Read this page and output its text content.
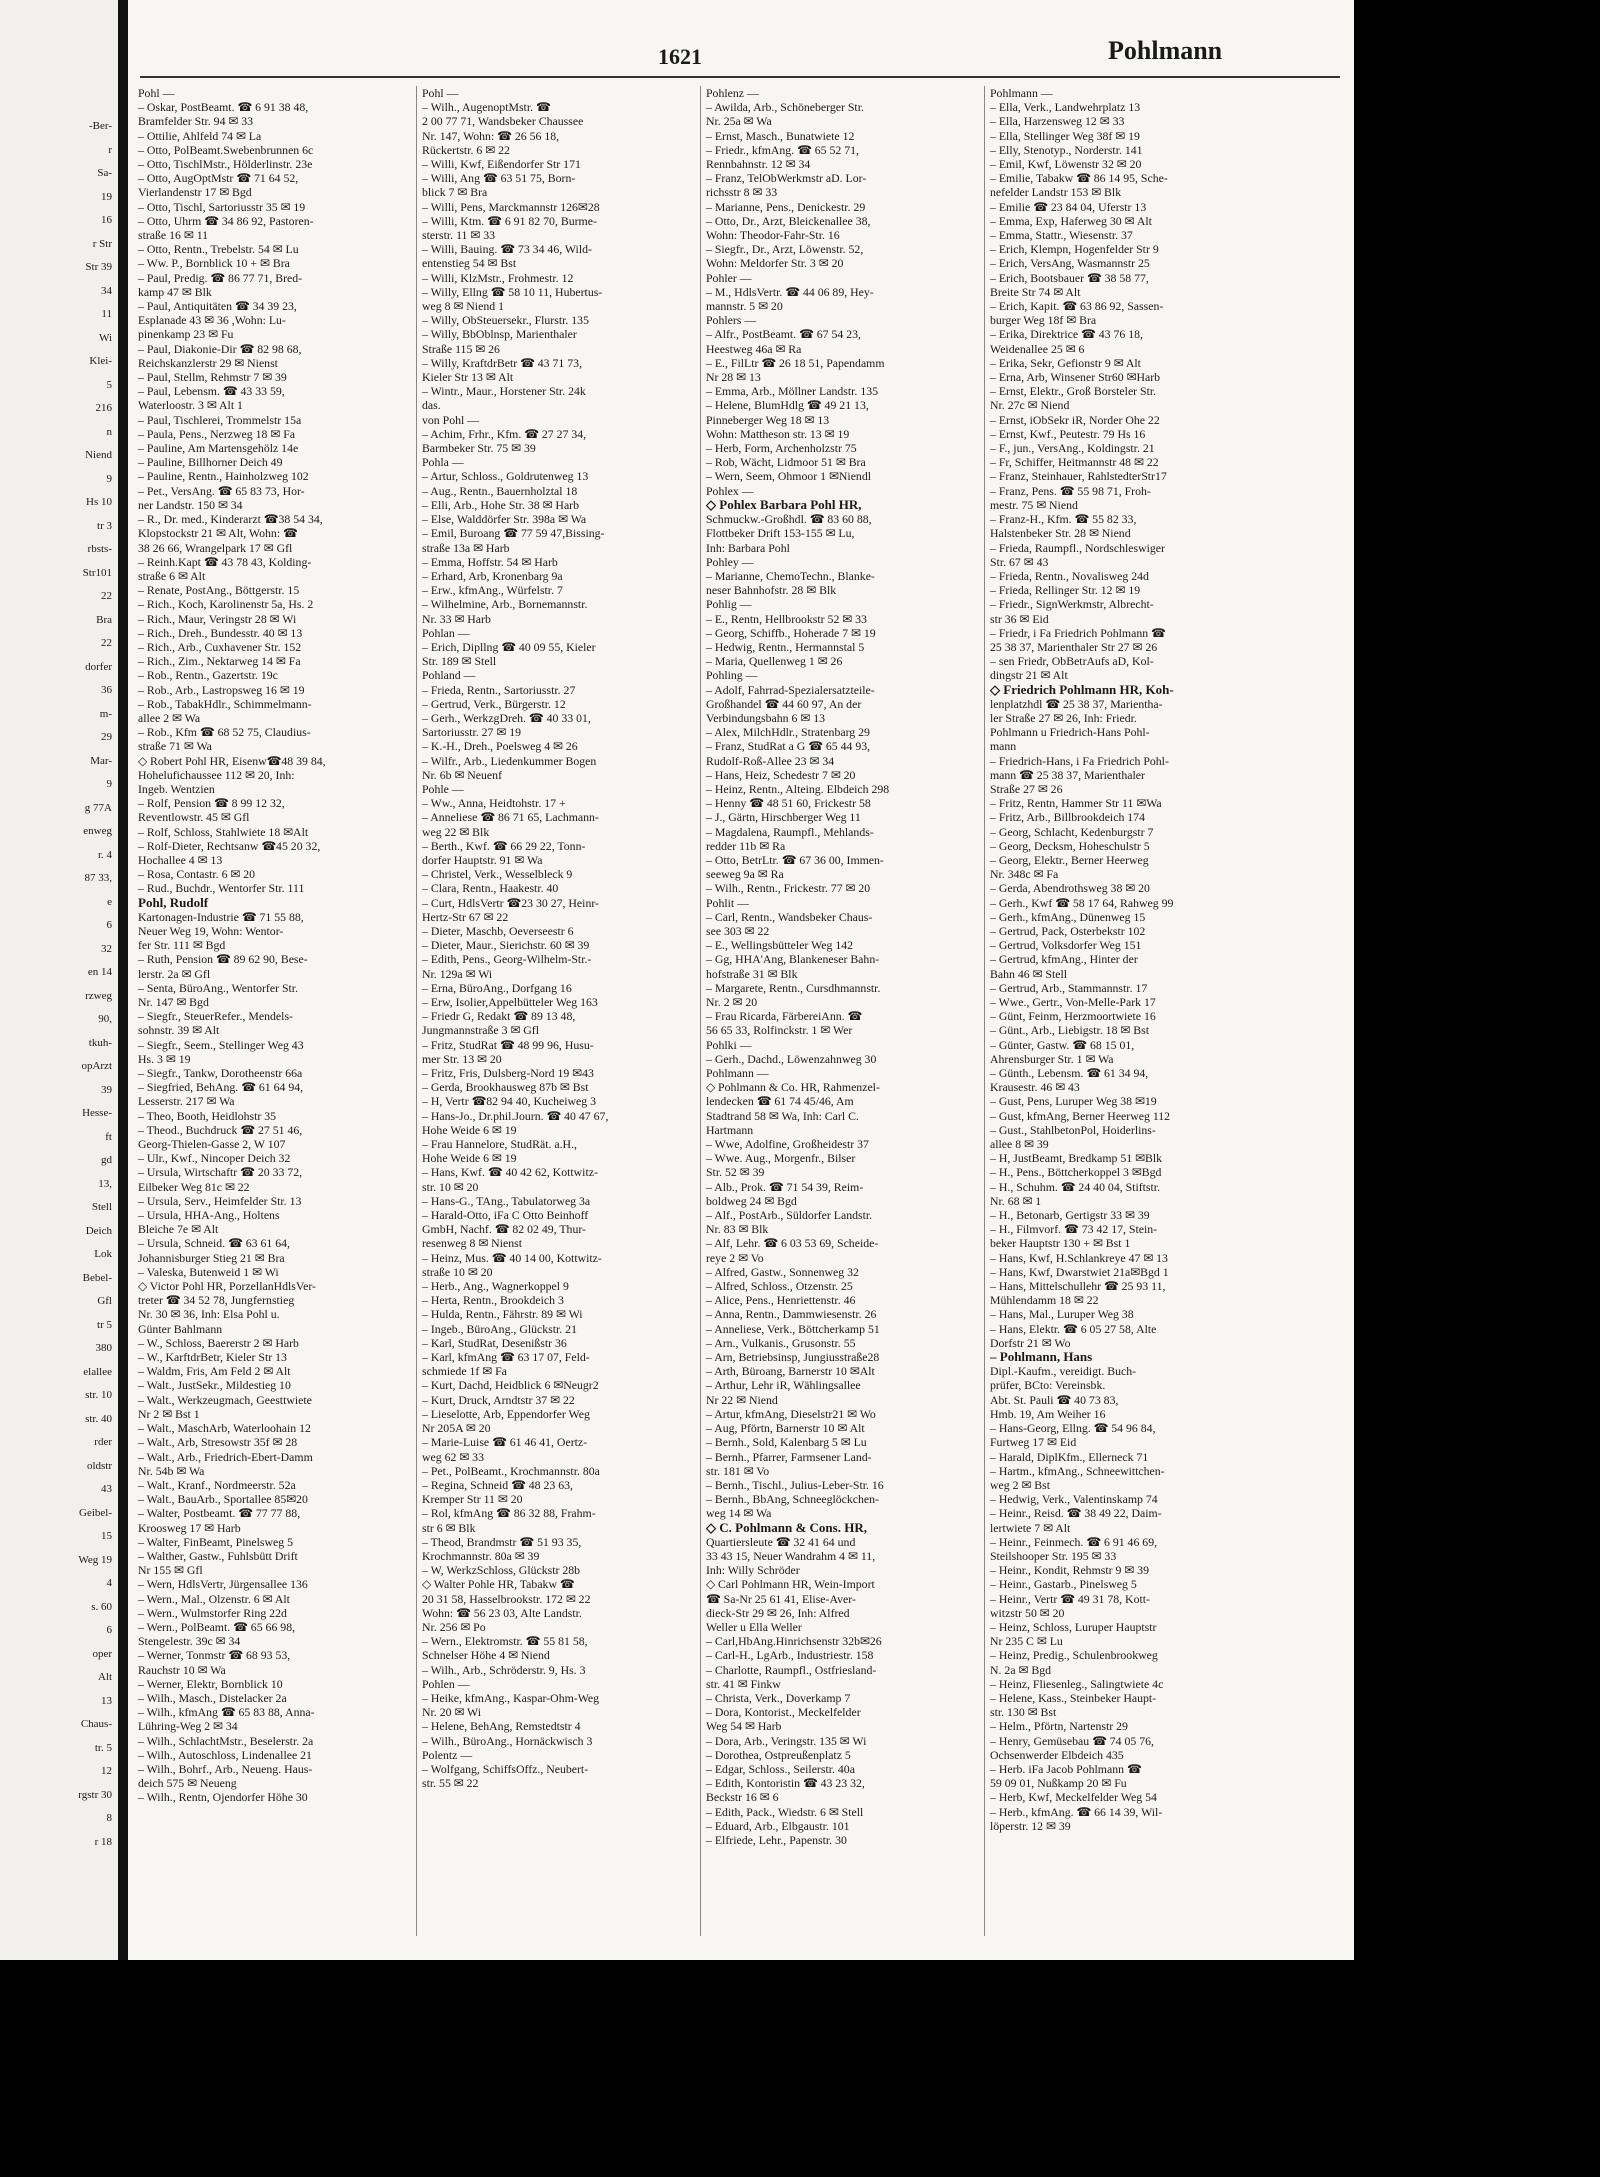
-Ber-
r
Sa-
19
16
r Str
Str 39
34
11
Wi
Klei-
5
216
n
Niend
9
Hs 10
tr 3
rbsts-
Str101
22
Bra
22
dorfer
36
m-
29
Mar-
9
g 77A
enweg
r. 4
87 33,
e
6
32
en 14
rzweg
90,
tkuh-
opArzt
39
Hesse-
ft
gd
13,
Stell
Deich
Lok
Bebel-
Gfl
tr 5
380
elallee
str. 10
str. 40
rder
oldstr
43
Geibel-
15
Weg 19
4
s. 60
6
oper
Alt
13
Chaus-
tr. 5
12
rgstr 30
8
r 18
1621	Pohlmann

Pohl —

– Oskar, PostBeamt. ☎ 6 91 38 48,

Bramfelder Str. 94 ✉ 33

– Ottilie, Ahlfeld 74 ✉ La

– Otto, PolBeamt.Swebenbrunnen 6c

– Otto, TischlMstr., Hölderlinstr. 23e

– Otto, AugOptMstr ☎ 71 64 52,

Vierlandenstr 17 ✉ Bgd

– Otto, Tischl, Sartoriusstr 35 ✉ 19

– Otto, Uhrm ☎ 34 86 92, Pastoren-

straße 16 ✉ 11

– Otto, Rentn., Trebelstr. 54 ✉ Lu

– Ww. P., Bornblick 10 + ✉ Bra

– Paul, Predig. ☎ 86 77 71, Bred-

kamp 47 ✉ Blk

– Paul, Antiquitäten ☎ 34 39 23,

Esplanade 43 ✉ 36 ,Wohn: Lu-

pinenkamp 23 ✉ Fu

– Paul, Diakonie-Dir ☎ 82 98 68,

Reichskanzlerstr 29 ✉ Nienst

– Paul, Stellm, Rehmstr 7 ✉ 39

– Paul, Lebensm. ☎ 43 33 59,

Waterloostr. 3 ✉ Alt 1

– Paul, Tischlerei, Trommelstr 15a

– Paula, Pens., Nerzweg 18 ✉ Fa

– Pauline, Am Martensgehölz 14e

– Pauline, Billhorner Deich 49

– Pauline, Rentn., Hainholzweg 102

– Pet., VersAng. ☎ 65 83 73, Hor-

ner Landstr. 150 ✉ 34

– R., Dr. med., Kinderarzt ☎38 54 34,

Klopstockstr 21 ✉ Alt, Wohn: ☎

38 26 66, Wrangelpark 17 ✉ Gfl

– Reinh.Kapt ☎ 43 78 43, Kolding-

straße 6 ✉ Alt

– Renate, PostAng., Böttgerstr. 15

– Rich., Koch, Karolinenstr 5a, Hs. 2

– Rich., Maur, Veringstr 28 ✉ Wi

– Rich., Dreh., Bundesstr. 40 ✉ 13

– Rich., Arb., Cuxhavener Str. 152

– Rich., Zim., Nektarweg 14 ✉ Fa

– Rob., Rentn., Gazertstr. 19c

– Rob., Arb., Lastropsweg 16 ✉ 19

– Rob., TabakHdlr., Schimmelmann-

allee 2 ✉ Wa

– Rob., Kfm ☎ 68 52 75, Claudius-

straße 71 ✉ Wa

◇ Robert Pohl HR, Eisenw☎48 39 84,

Hohelufichaussee 112 ✉ 20, Inh:

Ingeb. Wentzien

– Rolf, Pension ☎ 8 99 12 32,

Reventlowstr. 45 ✉ Gfl

– Rolf, Schloss, Stahlwiete 18 ✉Alt

– Rolf-Dieter, Rechtsanw ☎45 20 32,

Hochallee 4 ✉ 13

– Rosa, Contastr. 6 ✉ 20

– Rud., Buchdr., Wentorfer Str. 111

Pohl, Rudolf

Kartonagen-Industrie ☎ 71 55 88,

Neuer Weg 19, Wohn: Wentor-

fer Str. 111 ✉ Bgd

– Ruth, Pension ☎ 89 62 90, Bese-

lerstr. 2a ✉ Gfl

– Senta, BüroAng., Wentorfer Str.

Nr. 147 ✉ Bgd

– Siegfr., SteuerRefer., Mendels-

sohnstr. 39 ✉ Alt

– Siegfr., Seem., Stellinger Weg 43

Hs. 3 ✉ 19

– Siegfr., Tankw, Dorotheenstr 66a

– Siegfried, BehAng. ☎ 61 64 94,

Lesserstr. 217 ✉ Wa

– Theo, Booth, Heidlohstr 35

– Theod., Buchdruck ☎ 27 51 46,

Georg-Thielen-Gasse 2, W 107

– Ulr., Kwf., Nincoper Deich 32

– Ursula, Wirtschaftr ☎ 20 33 72,

Eilbeker Weg 81c ✉ 22

– Ursula, Serv., Heimfelder Str. 13

– Ursula, HHA-Ang., Holtens

Bleiche 7e ✉ Alt

– Ursula, Schneid. ☎ 63 61 64,

Johannisburger Stieg 21 ✉ Bra

– Valeska, Butenweid 1 ✉ Wi

◇ Victor Pohl HR, PorzellanHdlsVer-

treter ☎ 34 52 78, Jungfernstieg

Nr. 30 ✉ 36, Inh: Elsa Pohl u.

Günter Bahlmann

– W., Schloss, Baererstr 2 ✉ Harb

– W., KarftdrBetr, Kieler Str 13

– Waldm, Fris, Am Feld 2 ✉ Alt

– Walt., JustSekr., Mildestieg 10

– Walt., Werkzeugmach, Geesttwiete

Nr 2 ✉ Bst 1

– Walt., MaschArb, Waterloohain 12

– Walt., Arb, Stresowstr 35f ✉ 28

– Walt., Arb., Friedrich-Ebert-Damm

Nr. 54b ✉ Wa

– Walt., Kranf., Nordmeerstr. 52a

– Walt., BauArb., Sportallee 85✉20

– Walter, Postbeamt. ☎ 77 77 88,

Kroosweg 17 ✉ Harb

– Walter, FinBeamt, Pinelsweg 5

– Walther, Gastw., Fuhlsbütt Drift

Nr 155 ✉ Gfl

– Wern, HdlsVertr, Jürgensallee 136

– Wern., Mal., Olzenstr. 6 ✉ Alt

– Wern., Wulmstorfer Ring 22d

– Wern., PolBeamt. ☎ 65 66 98,

Stengelestr. 39c ✉ 34

– Werner, Tonmstr ☎ 68 93 53,

Rauchstr 10 ✉ Wa

– Werner, Elektr, Bornblick 10

– Wilh., Masch., Distelacker 2a

– Wilh., kfmAng ☎ 65 83 88, Anna-

Lühring-Weg 2 ✉ 34

– Wilh., SchlachtMstr., Beselerstr. 2a

– Wilh., Autoschloss, Lindenallee 21

– Wilh., Bohrf., Arb., Neueng. Haus-

deich 575 ✉ Neueng

– Wilh., Rentn, Ojendorfer Höhe 30

Pohl —

– Wilh., AugenoptMstr. ☎

2 00 77 71, Wandsbeker Chaussee

Nr. 147, Wohn: ☎ 26 56 18,

Rückertstr. 6 ✉ 22

– Willi, Kwf, Eißendorfer Str 171

– Willi, Ang ☎ 63 51 75, Born-

blick 7 ✉ Bra

– Willi, Pens, Marckmannstr 126✉28

– Willi, Ktm. ☎ 6 91 82 70, Burme-

sterstr. 11 ✉ 33

– Willi, Bauing. ☎ 73 34 46, Wild-

entenstieg 54 ✉ Bst

– Willi, KlzMstr., Frohmestr. 12

– Willy, Ellng ☎ 58 10 11, Hubertus-

weg 8 ✉ Niend 1

– Willy, ObSteuersekr., Flurstr. 135

– Willy, BbOblnsp, Marienthaler

Straße 115 ✉ 26

– Willy, KraftdrBetr ☎ 43 71 73,

Kieler Str 13 ✉ Alt

– Wintr., Maur., Horstener Str. 24k

das.

von Pohl —

– Achim, Frhr., Kfm. ☎ 27 27 34,

Barmbeker Str. 75 ✉ 39

Pohla —

– Artur, Schloss., Goldrutenweg 13

– Aug., Rentn., Bauernholztal 18

– Elli, Arb., Hohe Str. 38 ✉ Harb

– Else, Walddörfer Str. 398a ✉ Wa

– Emil, Buroang ☎ 77 59 47,Bissing-

straße 13a ✉ Harb

– Emma, Hoffstr. 54 ✉ Harb

– Erhard, Arb, Kronenbarg 9a

– Erw., kfmAng., Würfelstr. 7

– Wilhelmine, Arb., Bornemannstr.

Nr. 33 ✉ Harb

Pohlan —

– Erich, Dipllng ☎ 40 09 55, Kieler

Str. 189 ✉ Stell

Pohland —

– Frieda, Rentn., Sartoriusstr. 27

– Gertrud, Verk., Bürgerstr. 12

– Gerh., WerkzgDreh. ☎ 40 33 01,

Sartoriusstr. 27 ✉ 19

– K.-H., Dreh., Poelsweg 4 ✉ 26

– Wilfr., Arb., Liedenkummer Bogen

Nr. 6b ✉ Neuenf

Pohle —

– Ww., Anna, Heidtohstr. 17 +

– Anneliese ☎ 86 71 65, Lachmann-

weg 22 ✉ Blk

– Berth., Kwf. ☎ 66 29 22, Tonn-

dorfer Hauptstr. 91 ✉ Wa

– Christel, Verk., Wesselbleck 9

– Clara, Rentn., Haakestr. 40

– Curt, HdlsVertr ☎23 30 27, Heinr-

Hertz-Str 67 ✉ 22

– Dieter, Maschb, Oeverseestr 6

– Dieter, Maur., Sierichstr. 60 ✉ 39

– Edith, Pens., Georg-Wilhelm-Str.-

Nr. 129a ✉ Wi

– Erna, BüroAng., Dorfgang 16

– Erw, Isolier,Appelbütteler Weg 163

– Friedr G, Redakt ☎ 89 13 48,

Jungmannstraße 3 ✉ Gfl

– Fritz, StudRat ☎ 48 99 96, Husu-

mer Str. 13 ✉ 20

– Fritz, Fris, Dulsberg-Nord 19 ✉43

– Gerda, Brookhausweg 87b ✉ Bst

– H, Vertr ☎82 94 40, Kucheiweg 3

– Hans-Jo., Dr.phil.Journ. ☎ 40 47 67,

Hohe Weide 6 ✉ 19

– Frau Hannelore, StudRät. a.H.,

Hohe Weide 6 ✉ 19

– Hans, Kwf. ☎ 40 42 62, Kottwitz-

str. 10 ✉ 20

– Hans-G., TAng., Tabulatorweg 3a

– Harald-Otto, iFa C Otto Beinhoff

GmbH, Nachf. ☎ 82 02 49, Thur-

resenweg 8 ✉ Nienst

– Heinz, Mus. ☎ 40 14 00, Kottwitz-

straße 10 ✉ 20

– Herb., Ang., Wagnerkoppel 9

– Herta, Rentn., Brookdeich 3

– Hulda, Rentn., Fährstr. 89 ✉ Wi

– Ingeb., BüroAng., Glückstr. 21

– Karl, StudRat, Desenißstr 36

– Karl, kfmAng ☎ 63 17 07, Feld-

schmiede 1f ✉ Fa

– Kurt, Dachd, Heidblick 6 ✉Neugr2

– Kurt, Druck, Arndtstr 37 ✉ 22

– Lieselotte, Arb, Eppendorfer Weg

Nr 205A ✉ 20

– Marie-Luise ☎ 61 46 41, Oertz-

weg 62 ✉ 33

– Pet., PolBeamt., Krochmannstr. 80a

– Regina, Schneid ☎ 48 23 63,

Kremper Str 11 ✉ 20

– Rol, kfmAng ☎ 86 32 88, Frahm-

str 6 ✉ Blk

– Theod, Brandmstr ☎ 51 93 35,

Krochmannstr. 80a ✉ 39

– W, WerkzSchloss, Glückstr 28b

◇ Walter Pohle HR, Tabakw ☎

20 31 58, Hasselbrookstr. 172 ✉ 22

Wohn: ☎ 56 23 03, Alte Landstr.

Nr. 256 ✉ Po

– Wern., Elektromstr. ☎ 55 81 58,

Schnelser Höhe 4 ✉ Niend

– Wilh., Arb., Schröderstr. 9, Hs. 3

Pohlen —

– Heike, kfmAng., Kaspar-Ohm-Weg

Nr. 20 ✉ Wi

– Helene, BehAng, Remstedtstr 4

– Wilh., BüroAng., Hornäckwisch 3

Polentz —

– Wolfgang, SchiffsOffz., Neubert-

str. 55 ✉ 22

Pohlenz —

– Awilda, Arb., Schöneberger Str.

Nr. 25a ✉ Wa

– Ernst, Masch., Bunatwiete 12

– Friedr., kfmAng. ☎ 65 52 71,

Rennbahnstr. 12 ✉ 34

– Franz, TelObWerkmstr aD. Lor-

richsstr 8 ✉ 33

– Marianne, Pens., Denickestr. 29

– Otto, Dr., Arzt, Bleickenallee 38,

Wohn: Theodor-Fahr-Str. 16

– Siegfr., Dr., Arzt, Löwenstr. 52,

Wohn: Meldorfer Str. 3 ✉ 20

Pohler —

– M., HdlsVertr. ☎ 44 06 89, Hey-

mannstr. 5 ✉ 20

Pohlers —

– Alfr., PostBeamt. ☎ 67 54 23,

Heestweg 46a ✉ Ra

– E., FilLtr ☎ 26 18 51, Papendamm

Nr 28 ✉ 13

– Emma, Arb., Möllner Landstr. 135

– Helene, BlumHdlg ☎ 49 21 13,

Pinneberger Weg 18 ✉ 13

Wohn: Mattheson str. 13 ✉ 19

– Herb, Form, Archenholzstr 75

– Rob, Wächt, Lidmoor 51 ✉ Bra

– Wern, Seem, Ohmoor 1 ✉Niendl

Pohlex —

◇ Pohlex Barbara Pohl HR,

Schmuckw.-Großhdl. ☎ 83 60 88,

Flottbeker Drift 153-155 ✉ Lu,

Inh: Barbara Pohl

Pohley —

– Marianne, ChemoTechn., Blanke-

neser Bahnhofstr. 28 ✉ Blk

Pohlig —

– E., Rentn, Hellbrookstr 52 ✉ 33

– Georg, Schiffb., Hoherade 7 ✉ 19

– Hedwig, Rentn., Hermannstal 5

– Maria, Quellenweg 1 ✉ 26

Pohling —

– Adolf, Fahrrad-Spezialersatzteile-

Großhandel ☎ 44 60 97, An der

Verbindungsbahn 6 ✉ 13

– Alex, MilchHdlr., Stratenbarg 29

– Franz, StudRat a G ☎ 65 44 93,

Rudolf-Roß-Allee 23 ✉ 34

– Hans, Heiz, Schedestr 7 ✉ 20

– Heinz, Rentn., Alteing. Elbdeich 298

– Henny ☎ 48 51 60, Frickestr 58

– J., Gärtn, Hirschberger Weg 11

– Magdalena, Raumpfl., Mehlands-

redder 11b ✉ Ra

– Otto, BetrLtr. ☎ 67 36 00, Immen-

seeweg 9a ✉ Ra

– Wilh., Rentn., Frickestr. 77 ✉ 20

Pohlit —

– Carl, Rentn., Wandsbeker Chaus-

see 303 ✉ 22

– E., Wellingsbütteler Weg 142

– Gg, HHA'Ang, Blankeneser Bahn-

hofstraße 31 ✉ Blk

– Margarete, Rentn., Cursdhmannstr.

Nr. 2 ✉ 20

– Frau Ricarda, FärbereiAnn. ☎

56 65 33, Rolfinckstr. 1 ✉ Wer

Pohlki —

– Gerh., Dachd., Löwenzahnweg 30

Pohlmann —

◇ Pohlmann & Co. HR, Rahmenzel-

lendecken ☎ 61 74 45/46, Am

Stadtrand 58 ✉ Wa, Inh: Carl C.

Hartmann

– Wwe, Adolfine, Großheidestr 37

– Wwe. Aug., Morgenfr., Bilser

Str. 52 ✉ 39

– Alb., Prok. ☎ 71 54 39, Reim-

boldweg 24 ✉ Bgd

– Alf., PostArb., Süldorfer Landstr.

Nr. 83 ✉ Blk

– Alf, Lehr. ☎ 6 03 53 69, Scheide-

reye 2 ✉ Vo

– Alfred, Gastw., Sonnenweg 32

– Alfred, Schloss., Otzenstr. 25

– Alice, Pens., Henriettenstr. 46

– Anna, Rentn., Dammwiesenstr. 26

– Anneliese, Verk., Böttcherkamp 51

– Arn., Vulkanis., Grusonstr. 55

– Arn, Betriebsinsp, Jungiusstraße28

– Arth, Büroang, Barnerstr 10 ✉Alt

– Arthur, Lehr iR, Wählingsallee

Nr 22 ✉ Niend

– Artur, kfmAng, Dieselstr21 ✉ Wo

– Aug, Pförtn, Barnerstr 10 ✉ Alt

– Bernh., Sold, Kalenbarg 5 ✉ Lu

– Bernh., Pfarrer, Farmsener Land-

str. 181 ✉ Vo

– Bernh., Tischl., Julius-Leber-Str. 16

– Bernh., BbAng, Schneeglöckchen-

weg 14 ✉ Wa

◇ C. Pohlmann & Cons. HR,

Quartiersleute ☎ 32 41 64 und

33 43 15, Neuer Wandrahm 4 ✉ 11,

Inh: Willy Schröder

◇ Carl Pohlmann HR, Wein-Import

☎ Sa-Nr 25 61 41, Elise-Aver-

dieck-Str 29 ✉ 26, Inh: Alfred

Weller u Ella Weller

– Carl,HbAng.Hinrichsenstr 32b✉26

– Carl-H., LgArb., Industriestr. 158

– Charlotte, Raumpfl., Ostfriesland-

str. 41 ✉ Finkw

– Christa, Verk., Doverkamp 7

– Dora, Kontorist., Meckelfelder

Weg 54 ✉ Harb

– Dora, Arb., Veringstr. 135 ✉ Wi

– Dorothea, Ostpreußenplatz 5

– Edgar, Schloss., Seilerstr. 40a

– Edith, Kontoristin ☎ 43 23 32,

Beckstr 16 ✉ 6

– Edith, Pack., Wiedstr. 6 ✉ Stell

– Eduard, Arb., Elbgaustr. 101

– Elfriede, Lehr., Papenstr. 30

Pohlmann —

– Ella, Verk., Landwehrplatz 13

– Ella, Harzensweg 12 ✉ 33

– Ella, Stellinger Weg 38f ✉ 19

– Elly, Stenotyp., Norderstr. 141

– Emil, Kwf, Löwenstr 32 ✉ 20

– Emilie, Tabakw ☎ 86 14 95, Sche-

nefelder Landstr 153 ✉ Blk

– Emilie ☎ 23 84 04, Uferstr 13

– Emma, Exp, Haferweg 30 ✉ Alt

– Emma, Stattr., Wiesenstr. 37

– Erich, Klempn, Hogenfelder Str 9

– Erich, VersAng, Wasmannstr 25

– Erich, Bootsbauer ☎ 38 58 77,

Breite Str 74 ✉ Alt

– Erich, Kapit. ☎ 63 86 92, Sassen-

burger Weg 18f ✉ Bra

– Erika, Direktrice ☎ 43 76 18,

Weidenallee 25 ✉ 6

– Erika, Sekr, Gefionstr 9 ✉ Alt

– Erna, Arb, Winsener Str60 ✉Harb

– Ernst, Elektr., Groß Borsteler Str.

Nr. 27c ✉ Niend

– Ernst, iObSekr iR, Norder Ohe 22

– Ernst, Kwf., Peutestr. 79 Hs 16

– F., jun., VersAng., Koldingstr. 21

– Fr, Schiffer, Heitmannstr 48 ✉ 22

– Franz, Steinhauer, RahlstedterStr17

– Franz, Pens. ☎ 55 98 71, Froh-

mestr. 75 ✉ Niend

– Franz-H., Kfm. ☎ 55 82 33,

Halstenbeker Str. 28 ✉ Niend

– Frieda, Raumpfl., Nordschleswiger

Str. 67 ✉ 43

– Frieda, Rentn., Novalisweg 24d

– Frieda, Rellinger Str. 12 ✉ 19

– Friedr., SignWerkmstr, Albrecht-

str 36 ✉ Eid

– Friedr, i Fa Friedrich Pohlmann ☎

25 38 37, Marienthaler Str 27 ✉ 26

– sen Friedr, ObBetrAufs aD, Kol-

dingstr 21 ✉ Alt

◇ Friedrich Pohlmann HR, Koh-

lenplatzhdl ☎ 25 38 37, Marientha-

ler Straße 27 ✉ 26, Inh: Friedr.

Pohlmann u Friedrich-Hans Pohl-

mann

– Friedrich-Hans, i Fa Friedrich Pohl-

mann ☎ 25 38 37, Marienthaler

Straße 27 ✉ 26

– Fritz, Rentn, Hammer Str 11 ✉Wa

– Fritz, Arb., Billbrookdeich 174

– Georg, Schlacht, Kedenburgstr 7

– Georg, Decksm, Hoheschulstr 5

– Georg, Elektr., Berner Heerweg

Nr. 348c ✉ Fa

– Gerda, Abendrothsweg 38 ✉ 20

– Gerh., Kwf ☎ 58 17 64, Rahweg 99

– Gerh., kfmAng., Dünenweg 15

– Gertrud, Pack, Osterbekstr 102

– Gertrud, Volksdorfer Weg 151

– Gertrud, kfmAng., Hinter der

Bahn 46 ✉ Stell

– Gertrud, Arb., Stammannstr. 17

– Wwe., Gertr., Von-Melle-Park 17

– Günt, Feinm, Herzmoortwiete 16

– Günt., Arb., Liebigstr. 18 ✉ Bst

– Günter, Gastw. ☎ 68 15 01,

Ahrensburger Str. 1 ✉ Wa

– Günth., Lebensm. ☎ 61 34 94,

Krausestr. 46 ✉ 43

– Gust, Pens, Luruper Weg 38 ✉19

– Gust, kfmAng, Berner Heerweg 112

– Gust., StahlbetonPol, Hoiderlins-

allee 8 ✉ 39

– H, JustBeamt, Bredkamp 51 ✉Blk

– H., Pens., Böttcherkoppel 3 ✉Bgd

– H., Schuhm. ☎ 24 40 04, Stiftstr.

Nr. 68 ✉ 1

– H., Betonarb, Gertigstr 33 ✉ 39

– H., Filmvorf. ☎ 73 42 17, Stein-

beker Hauptstr 130 + ✉ Bst 1

– Hans, Kwf, H.Schlankreye 47 ✉ 13

– Hans, Kwf, Dwarstwiet 21a✉Bgd 1

– Hans, Mittelschullehr ☎ 25 93 11,

Mühlendamm 18 ✉ 22

– Hans, Mal., Luruper Weg 38

– Hans, Elektr. ☎ 6 05 27 58, Alte

Dorfstr 21 ✉ Wo

– Pohlmann, Hans

Dipl.-Kaufm., vereidigt. Buch-

prüfer, BCto: Vereinsbk.

Abt. St. Pauli ☎ 40 73 83,

Hmb. 19, Am Weiher 16

– Hans-Georg, Ellng. ☎ 54 96 84,

Furtweg 17 ✉ Eid

– Harald, DiplKfm., Ellerneck 71

– Hartm., kfmAng., Schneewittchen-

weg 2 ✉ Bst

– Hedwig, Verk., Valentinskamp 74

– Heinr., Reisd. ☎ 38 49 22, Daim-

lertwiete 7 ✉ Alt

– Heinr., Feinmech. ☎ 6 91 46 69,

Steilshooper Str. 195 ✉ 33

– Heinr., Kondit, Rehmstr 9 ✉ 39

– Heinr., Gastarb., Pinelsweg 5

– Heinr., Vertr ☎ 49 31 78, Kott-

witzstr 50 ✉ 20

– Heinz, Schloss, Luruper Hauptstr

Nr 235 C ✉ Lu

– Heinz, Predig., Schulenbrookweg

N. 2a ✉ Bgd

– Heinz, Fliesenleg., Salingtwiete 4c

– Helene, Kass., Steinbeker Haupt-

str. 130 ✉ Bst

– Helm., Pförtn, Nartenstr 29

– Henry, Gemüsebau ☎ 74 05 76,

Ochsenwerder Elbdeich 435

– Herb. iFa Jacob Pohlmann ☎

59 09 01, Nußkamp 20 ✉ Fu

– Herb, Kwf, Meckelfelder Weg 54

– Herb., kfmAng. ☎ 66 14 39, Wil-

löperstr. 12 ✉ 39
